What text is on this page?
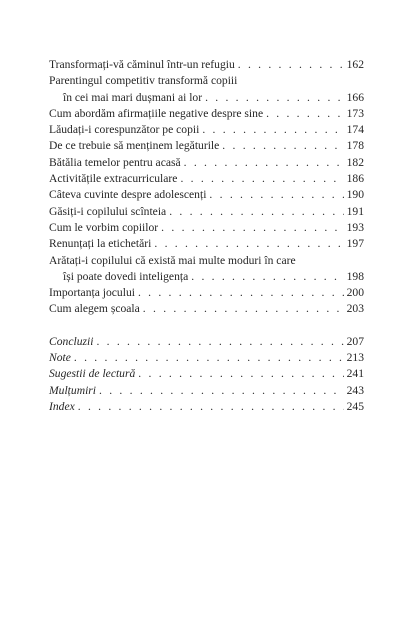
Transformați-vă căminul într-un refugiu . . .	162
Parentingul competitiv transformă copiii
în cei mai mari dușmani ai lor . . .	166
Cum abordăm afirmațiile negative despre sine . . .	173
Lăudați-i corespunzător pe copii . . .	174
De ce trebuie să menținem legăturile . . .	178
Bătălia temelor pentru acasă . . .	182
Activitățile extracurriculare . . .	186
Câteva cuvinte despre adolescenți . . .	190
Găsiți-i copilului scînteia . . .	191
Cum le vorbim copiilor . . .	193
Renunțați la etichetări . . .	197
Arătați-i copilului că există mai multe moduri în care
își poate dovedi inteligența . . .	198
Importanța jocului . . .	200
Cum alegem școala . . .	203
Concluzii . . .	207
Note . . .	213
Sugestii de lectură . . .	241
Mulțumiri . . .	243
Index . . .	245
